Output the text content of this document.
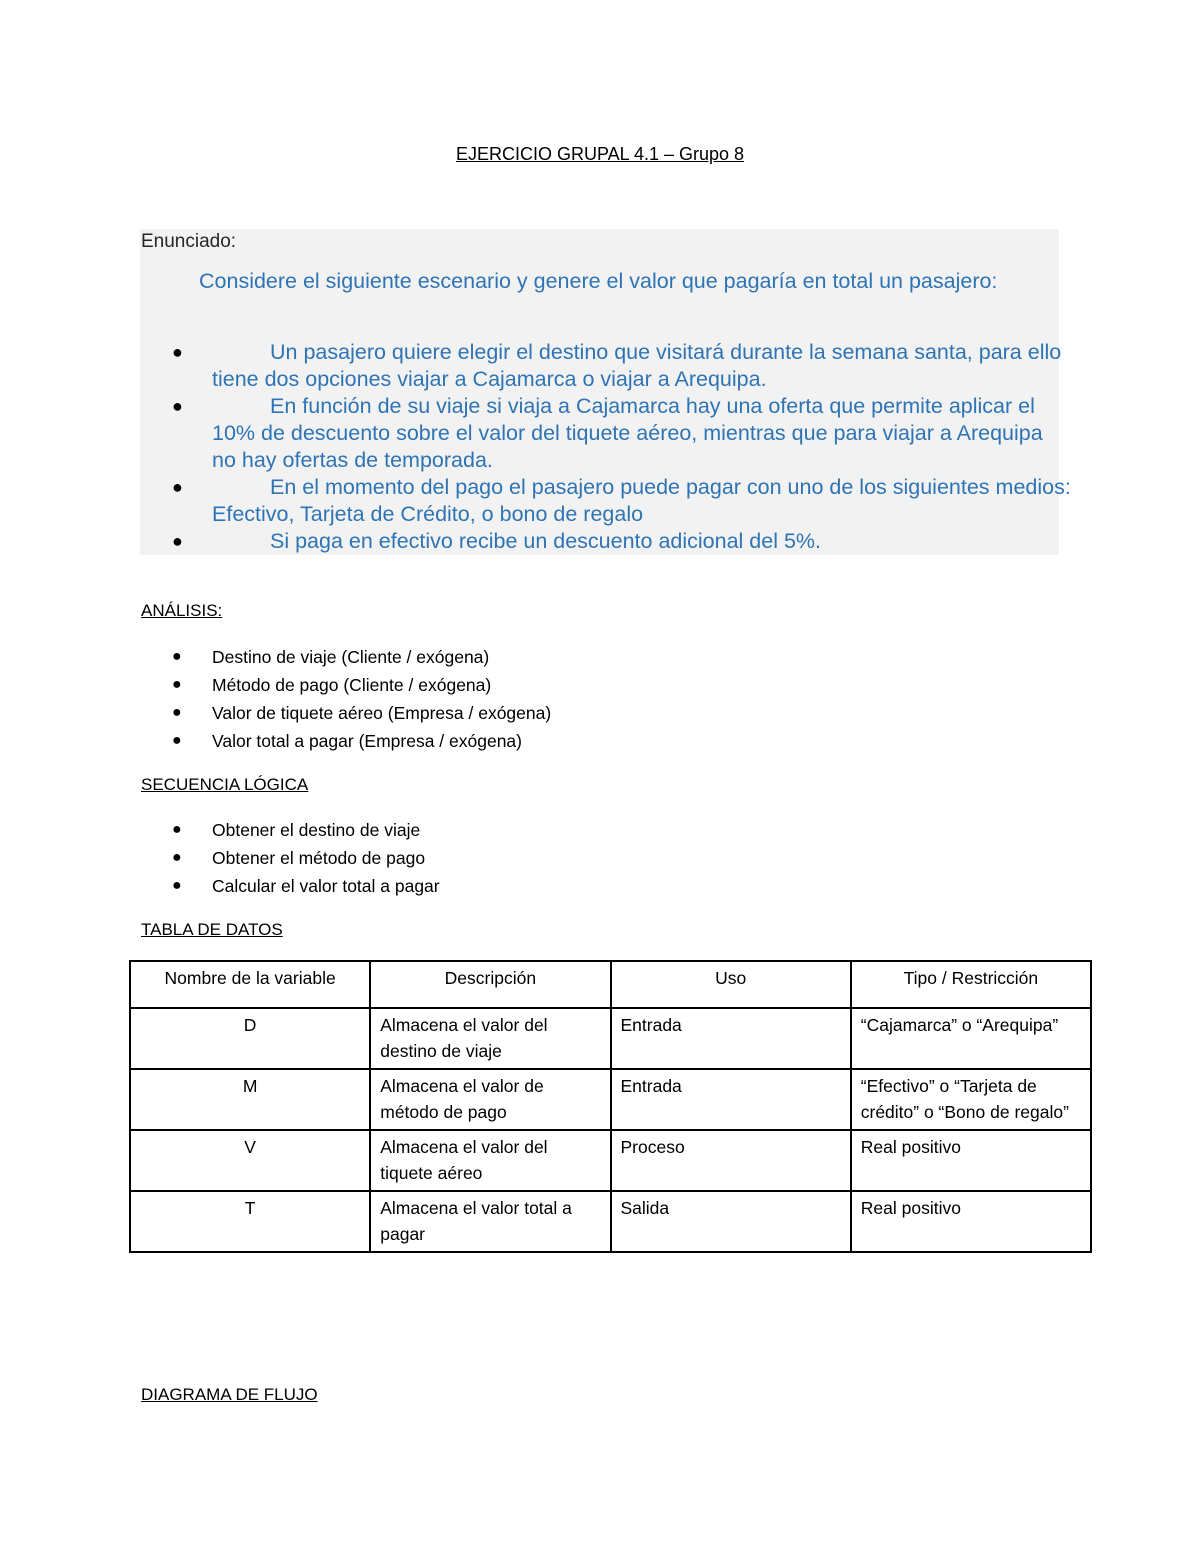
EJERCICIO GRUPAL 4.1 – Grupo 8
Enunciado:
Considere el siguiente escenario y genere el valor que pagaría en total un pasajero:
●	Un pasajero quiere elegir el destino que visitará durante la semana santa, para ello tiene dos opciones viajar a Cajamarca o viajar a Arequipa.
●	En función de su viaje si viaja a Cajamarca hay una oferta que permite aplicar el 10% de descuento sobre el valor del tiquete aéreo, mientras que para viajar a Arequipa no hay ofertas de temporada.
●	En el momento del pago el pasajero puede pagar con uno de los siguientes medios: Efectivo, Tarjeta de Crédito, o bono de regalo
●	Si paga en efectivo recibe un descuento adicional del 5%.
ANÁLISIS:
● Destino de viaje (Cliente / exógena)
● Método de pago (Cliente / exógena)
● Valor de tiquete aéreo (Empresa / exógena)
● Valor total a pagar (Empresa / exógena)
SECUENCIA LÓGICA
● Obtener el destino de viaje
● Obtener el método de pago
● Calcular el valor total a pagar
TABLA DE DATOS
Nombre de la variable	Descripción	Uso	Tipo / Restricción
D	Almacena el valor del destino de viaje	Entrada	“Cajamarca” o “Arequipa”
M	Almacena el valor de método de pago	Entrada	“Efectivo” o “Tarjeta de crédito” o “Bono de regalo”
V	Almacena el valor del tiquete aéreo	Proceso	Real positivo
T	Almacena el valor total a pagar	Salida	Real positivo
DIAGRAMA DE FLUJO
